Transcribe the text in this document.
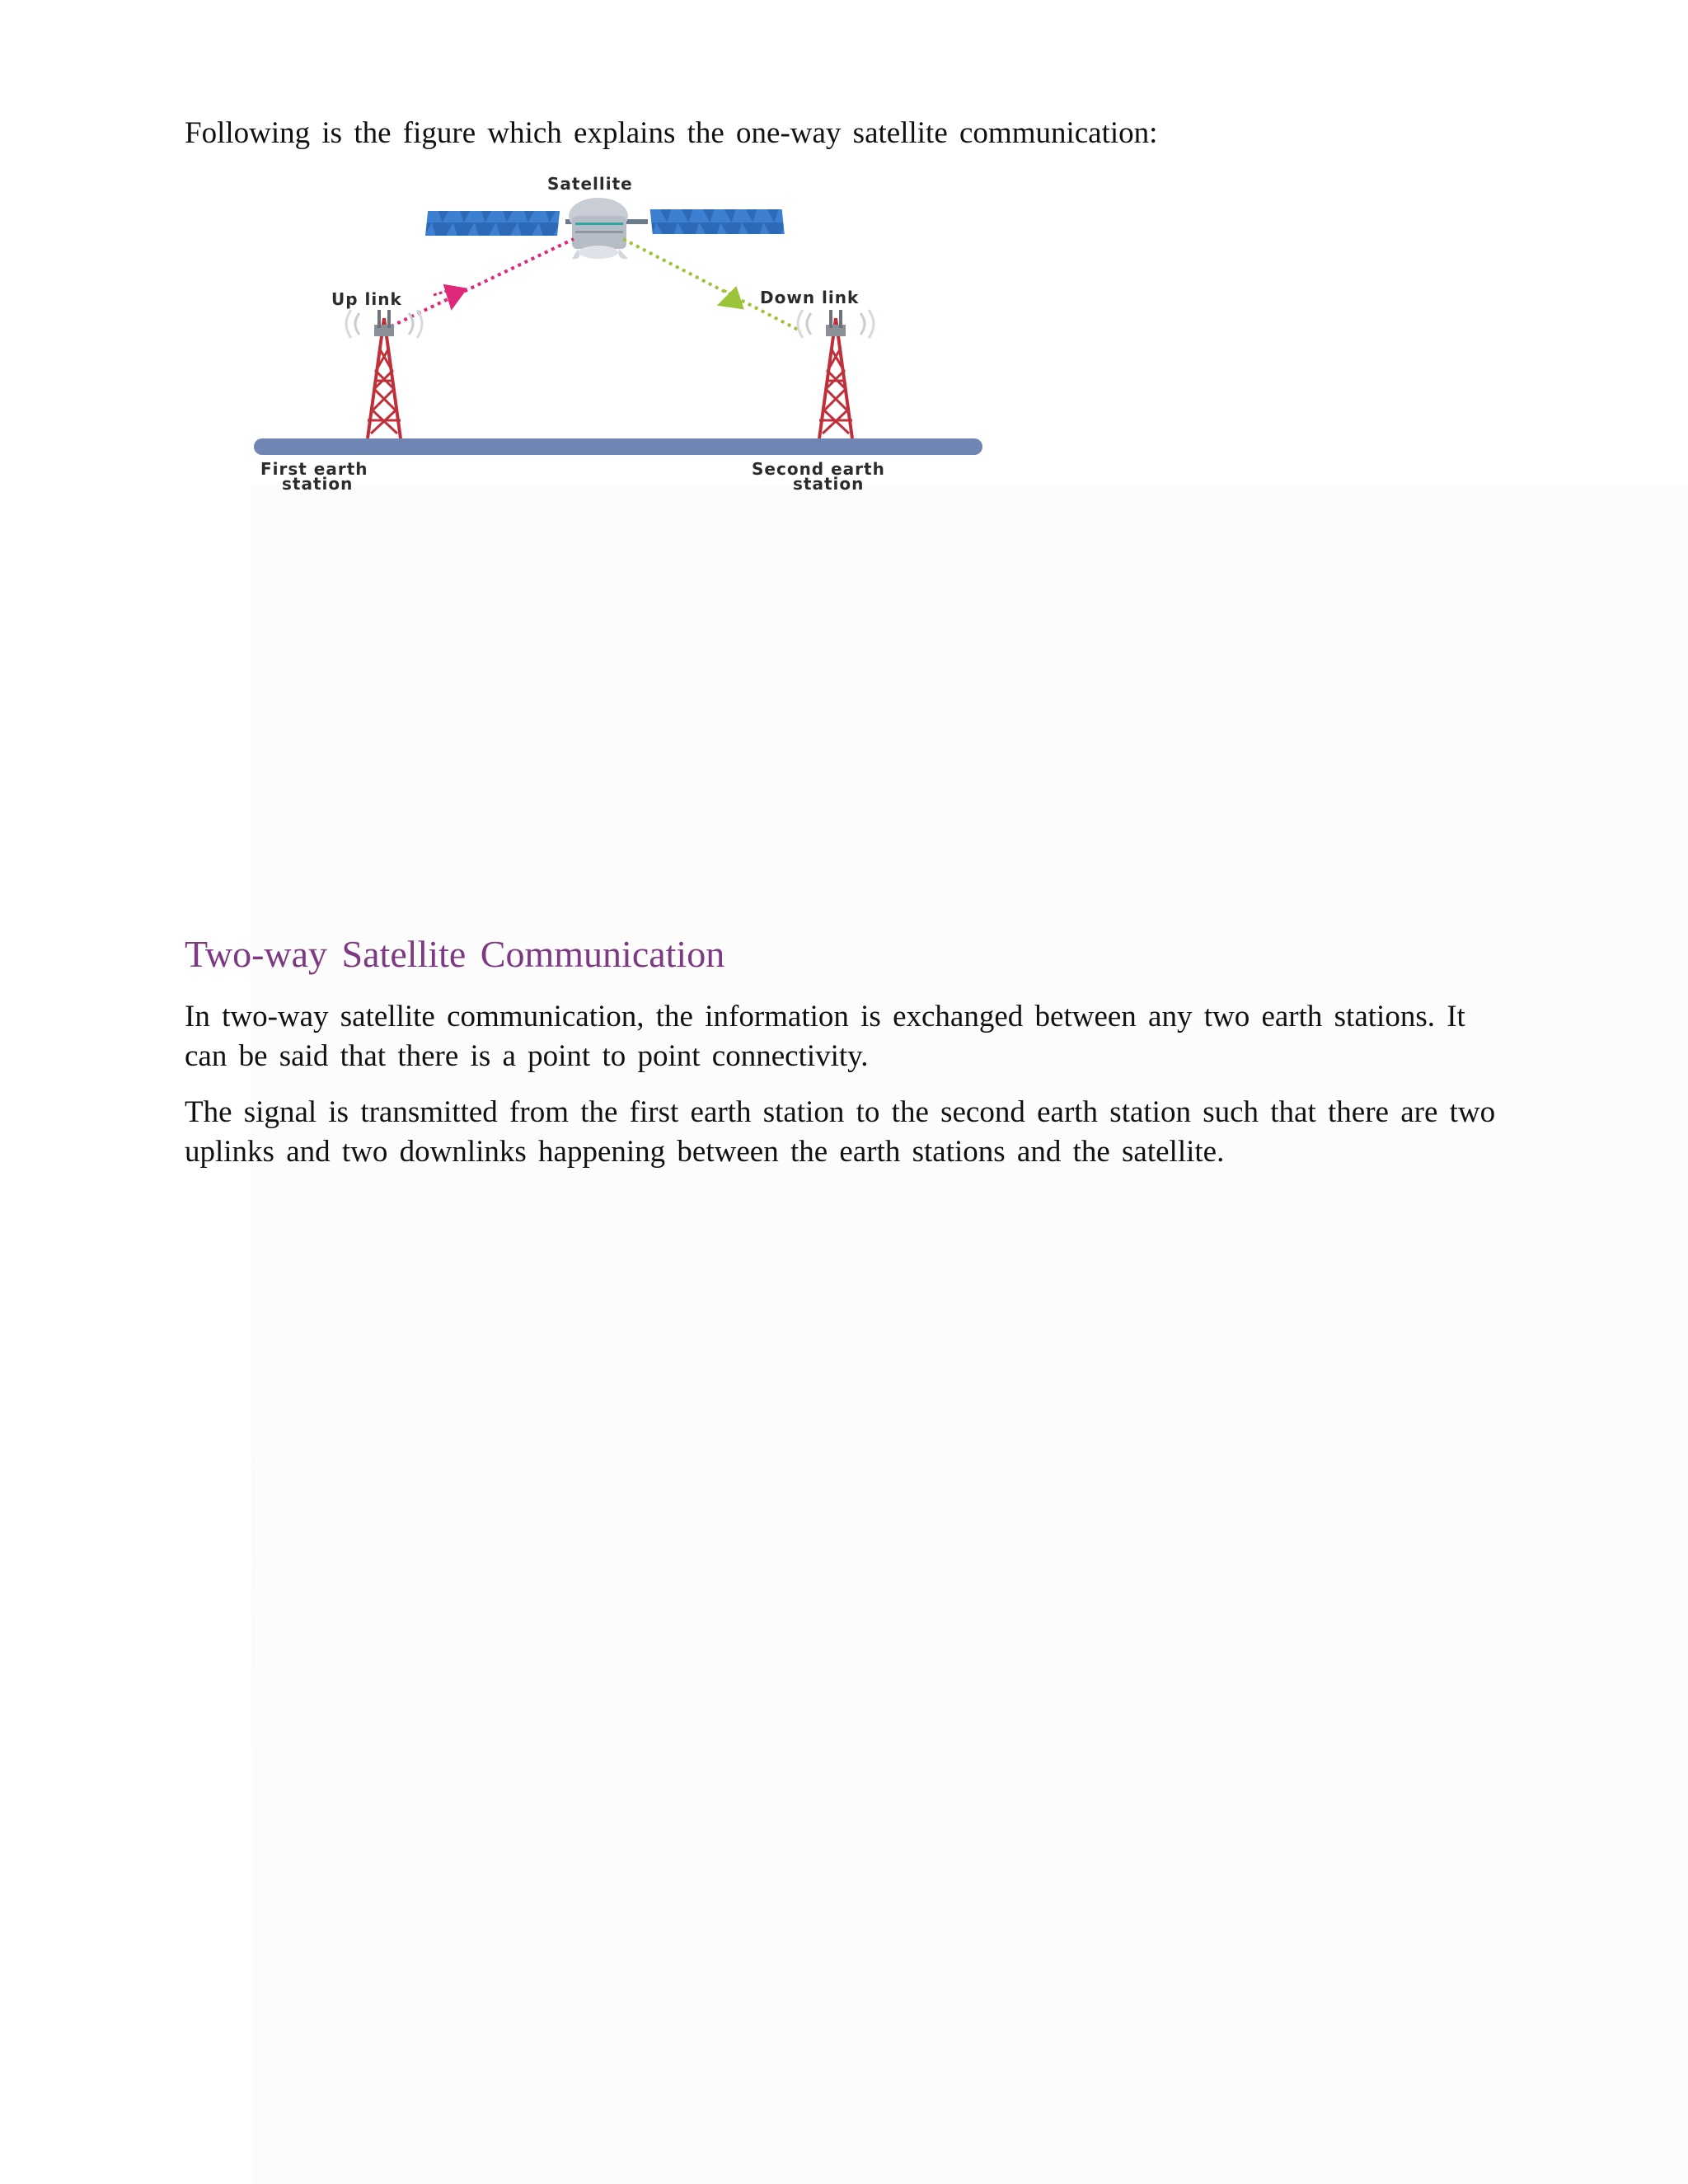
Following is the figure which explains the one-way satellite communication:

Satellite
Up link	Down link
First earth
station
Second earth
station
Two-way Satellite Communication
In two-way satellite communication, the information is exchanged between any two earth stations. It
can be said that there is a point to point connectivity.
The signal is transmitted from the first earth station to the second earth station such that there are two
uplinks and two downlinks happening between the earth stations and the satellite.
